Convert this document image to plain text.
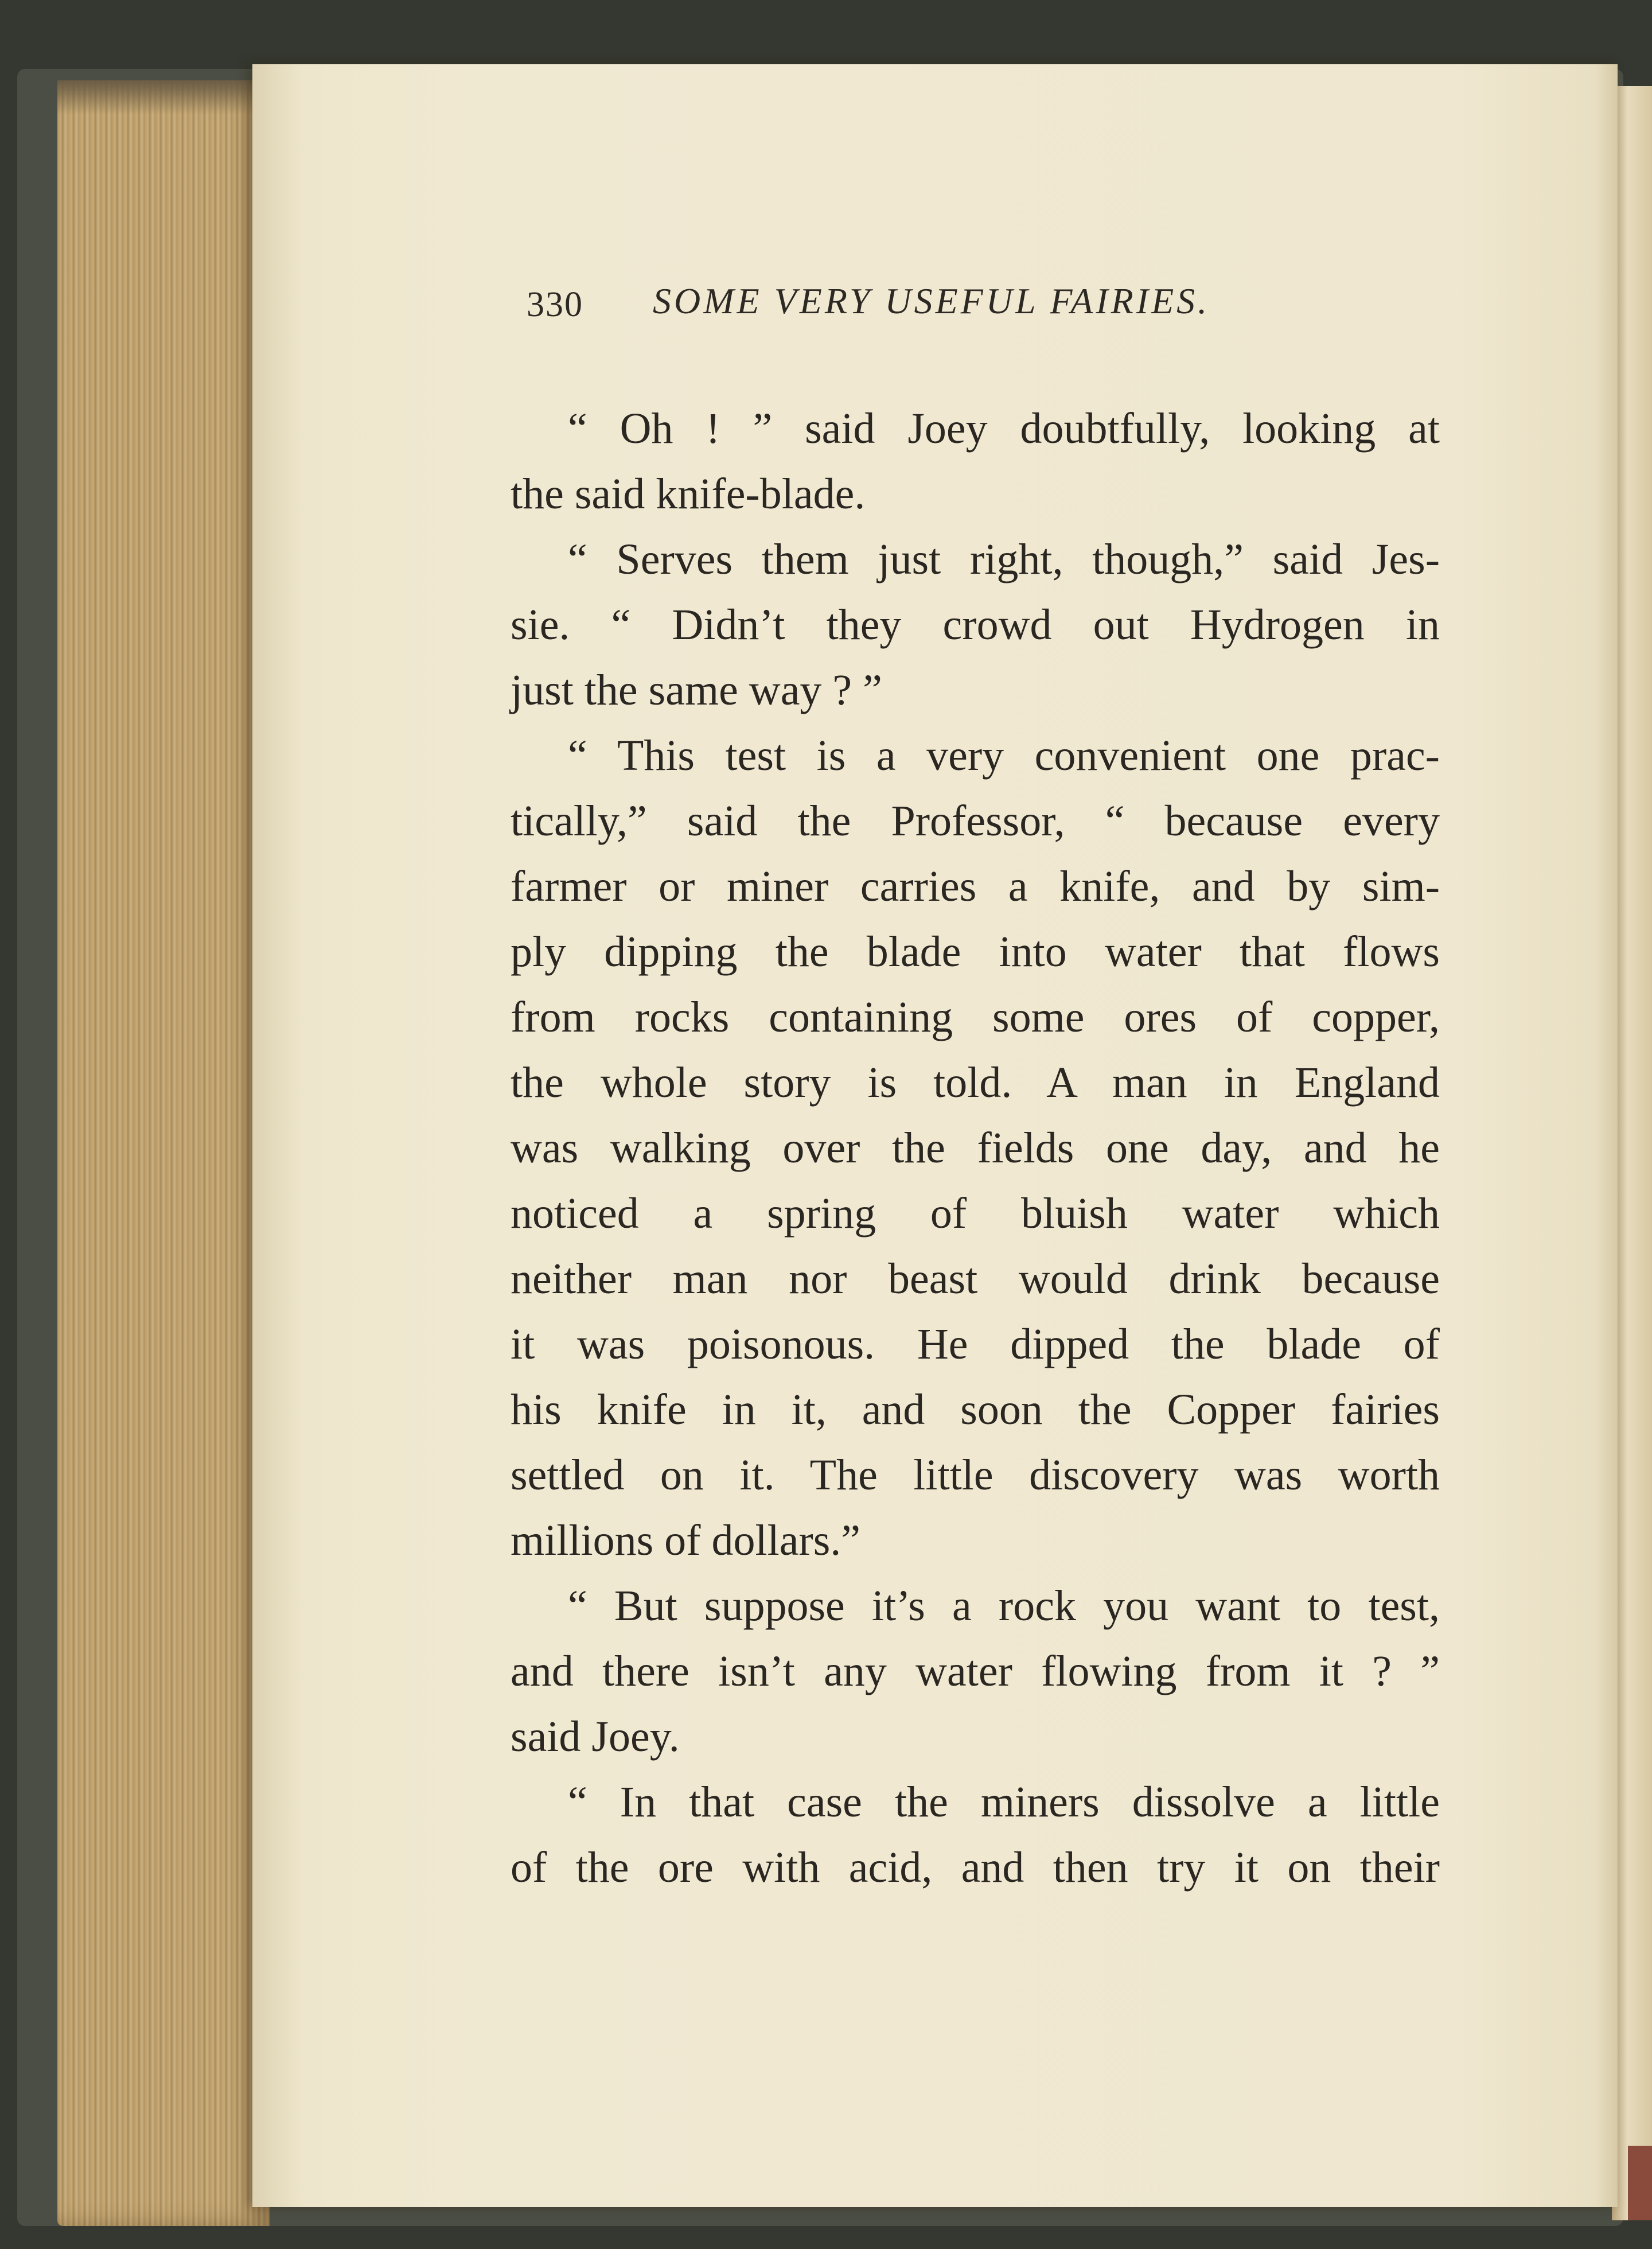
330 SOME VERY USEFUL FAIRIES.
“ Oh ! ” said Joey doubtfully, looking at
the said knife-blade.
“ Serves them just right, though,” said Jes-
sie. “ Didn’t they crowd out Hydrogen in
just the same way ? ”
“ This test is a very convenient one prac-
tically,” said the Professor, “ because every
farmer or miner carries a knife, and by sim-
ply dipping the blade into water that flows
from rocks containing some ores of copper,
the whole story is told. A man in England
was walking over the fields one day, and he
noticed a spring of bluish water which
neither man nor beast would drink because
it was poisonous. He dipped the blade of
his knife in it, and soon the Copper fairies
settled on it. The little discovery was worth
millions of dollars.”
“ But suppose it’s a rock you want to test,
and there isn’t any water flowing from it ? ”
said Joey.
“ In that case the miners dissolve a little
of the ore with acid, and then try it on their
